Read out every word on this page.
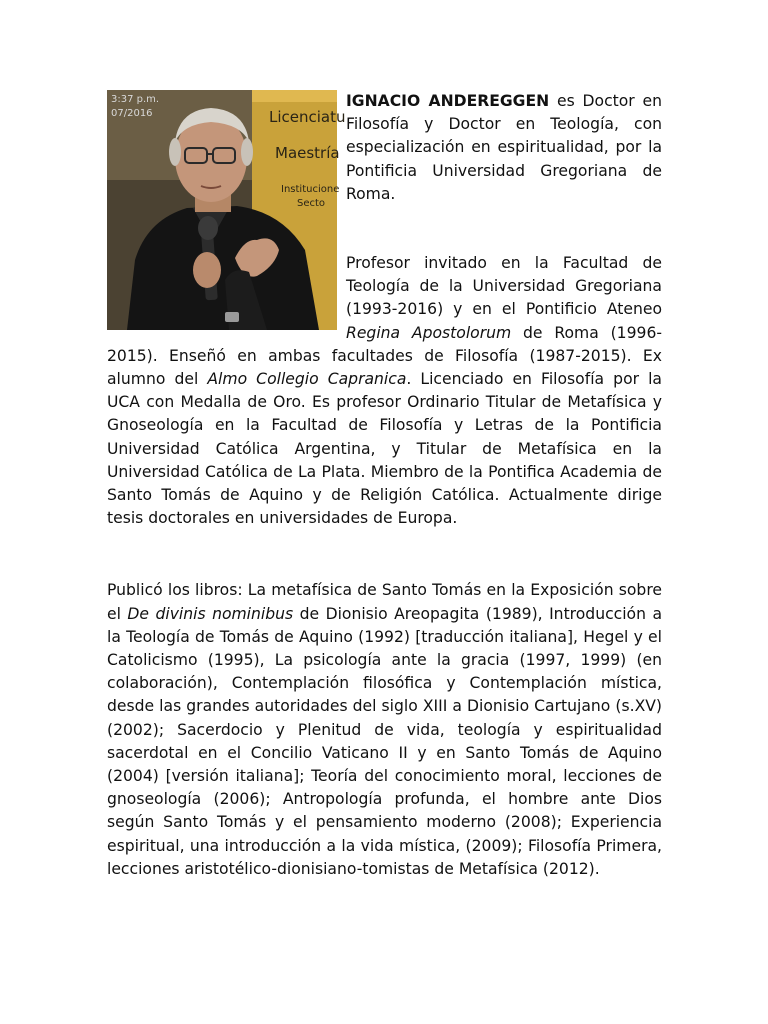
Licenciatu
Maestría
Institucione
Secto
3:37 p.m.
07/2016

IGNACIO ANDEREGGEN es Doctor en Filosofía y Doctor en Teología, con especialización en espiritualidad, por la Pontificia Universidad Gregoriana de Roma.

Profesor invitado en la Facultad de Teología de la Universidad Gregoriana (1993-2016) y en el Pontificio Ateneo Regina Apostolorum de Roma (1996-2015). Enseñó en ambas facultades de Filosofía (1987-2015). Ex alumno del Almo Collegio Capranica. Licenciado en Filosofía por la UCA con Medalla de Oro. Es profesor Ordinario Titular de Metafísica y Gnoseología en la Facultad de Filosofía y Letras de la Pontificia Universidad Católica Argentina, y Titular de Metafísica en la Universidad Católica de La Plata. Miembro de la Pontifica Academia de Santo Tomás de Aquino y de Religión Católica. Actualmente dirige tesis doctorales en universidades de Europa.

Publicó los libros: La metafísica de Santo Tomás en la Exposición sobre el De divinis nominibus de Dionisio Areopagita (1989), Introducción a la Teología de Tomás de Aquino (1992) [traducción italiana], Hegel y el Catolicismo (1995), La psicología ante la gracia (1997, 1999) (en colaboración), Contemplación filosófica y Contemplación mística, desde las grandes autoridades del siglo XIII a Dionisio Cartujano (s.XV) (2002); Sacerdocio y Plenitud de vida, teología y espiritualidad sacerdotal en el Concilio Vaticano II y en Santo Tomás de Aquino (2004) [versión italiana]; Teoría del conocimiento moral, lecciones de gnoseología (2006); Antropología profunda, el hombre ante Dios según Santo Tomás y el pensamiento moderno (2008); Experiencia espiritual, una introducción a la vida mística, (2009); Filosofía Primera, lecciones aristotélico-dionisiano-tomistas de Metafísica (2012).
